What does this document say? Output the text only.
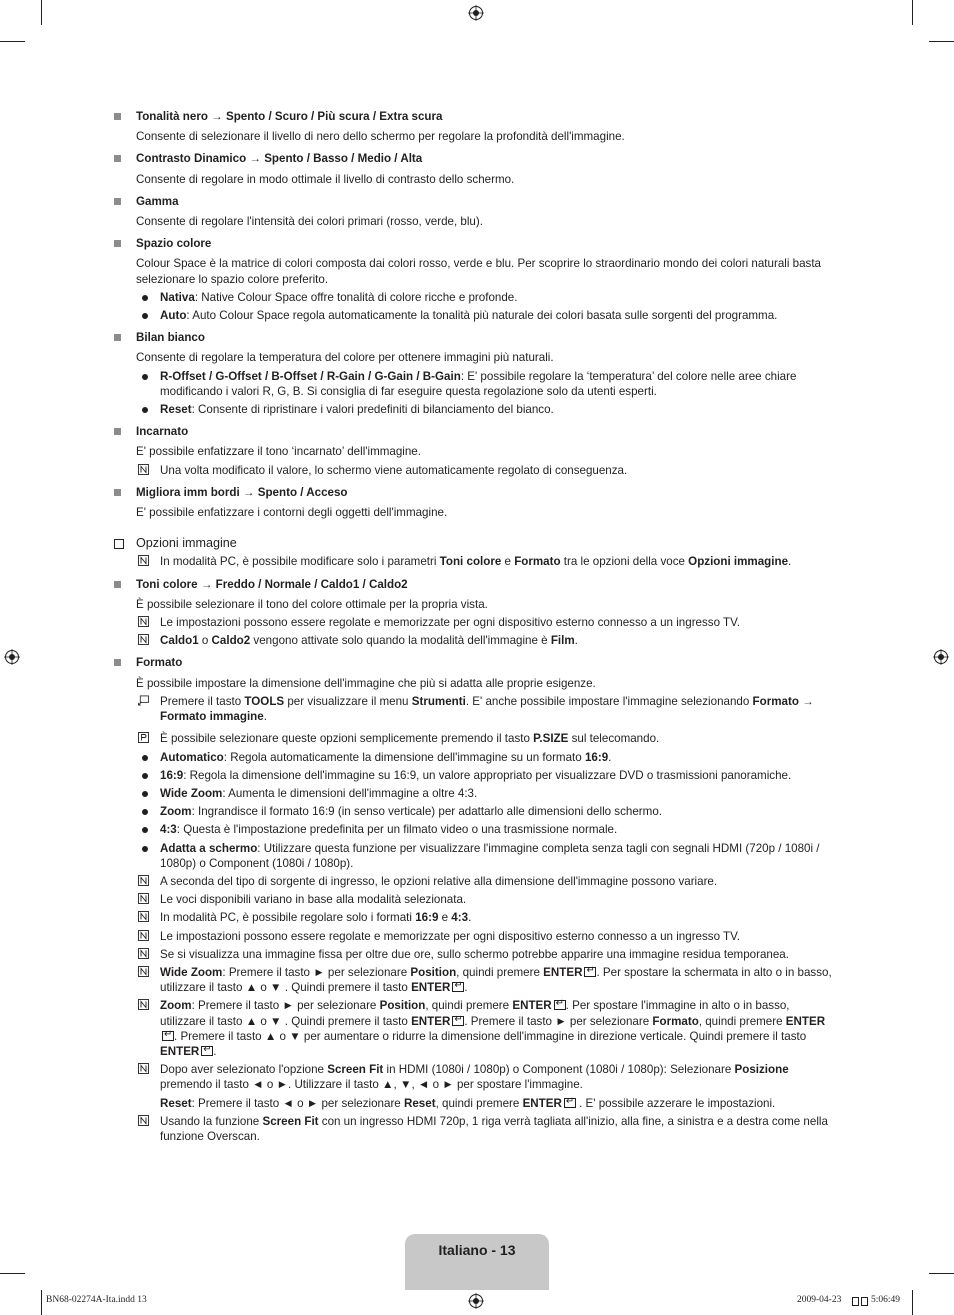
Tonalità nero → Spento / Scuro / Più scura / Extra scura
Consente di selezionare il livello di nero dello schermo per regolare la profondità dell'immagine.
Contrasto Dinamico → Spento / Basso / Medio / Alta
Consente di regolare in modo ottimale il livello di contrasto dello schermo.
Gamma
Consente di regolare l'intensità dei colori primari (rosso, verde, blu).
Spazio colore
Colour Space è la matrice di colori composta dai colori rosso, verde e blu. Per scoprire lo straordinario mondo dei colori naturali basta selezionare lo spazio colore preferito.
Nativa: Native Colour Space offre tonalità di colore ricche e profonde.
Auto: Auto Colour Space regola automaticamente la tonalità più naturale dei colori basata sulle sorgenti del programma.
Bilan bianco
Consente di regolare la temperatura del colore per ottenere immagini più naturali.
R-Offset / G-Offset / B-Offset / R-Gain / G-Gain / B-Gain: E' possibile regolare la ‘temperatura’ del colore nelle aree chiare modificando i valori R, G, B. Si consiglia di far eseguire questa regolazione solo da utenti esperti.
Reset: Consente di ripristinare i valori predefiniti di bilanciamento del bianco.
Incarnato
E' possibile enfatizzare il tono ‘incarnato’ dell'immagine.
Una volta modificato il valore, lo schermo viene automaticamente regolato di conseguenza.
Migliora imm bordi → Spento / Acceso
E' possibile enfatizzare i contorni degli oggetti dell'immagine.
Opzioni immagine
In modalità PC, è possibile modificare solo i parametri Toni colore e Formato tra le opzioni della voce Opzioni immagine.
Toni colore → Freddo / Normale / Caldo1 / Caldo2
È possibile selezionare il tono del colore ottimale per la propria vista.
Le impostazioni possono essere regolate e memorizzate per ogni dispositivo esterno connesso a un ingresso TV.
Caldo1 o Caldo2 vengono attivate solo quando la modalità dell'immagine è Film.
Formato
È possibile impostare la dimensione dell'immagine che più si adatta alle proprie esigenze.
Premere il tasto TOOLS per visualizzare il menu Strumenti. E' anche possibile impostare l'immagine selezionando Formato → Formato immagine.
È possibile selezionare queste opzioni semplicemente premendo il tasto P.SIZE sul telecomando.
Automatico: Regola automaticamente la dimensione dell'immagine su un formato 16:9.
16:9: Regola la dimensione dell'immagine su 16:9, un valore appropriato per visualizzare DVD o trasmissioni panoramiche.
Wide Zoom: Aumenta le dimensioni dell'immagine a oltre 4:3.
Zoom: Ingrandisce il formato 16:9 (in senso verticale) per adattarlo alle dimensioni dello schermo.
4:3: Questa è l'impostazione predefinita per un filmato video o una trasmissione normale.
Adatta a schermo: Utilizzare questa funzione per visualizzare l'immagine completa senza tagli con segnali HDMI (720p / 1080i / 1080p) o Component (1080i / 1080p).
A seconda del tipo di sorgente di ingresso, le opzioni relative alla dimensione dell'immagine possono variare.
Le voci disponibili variano in base alla modalità selezionata.
In modalità PC, è possibile regolare solo i formati 16:9 e 4:3.
Le impostazioni possono essere regolate e memorizzate per ogni dispositivo esterno connesso a un ingresso TV.
Se si visualizza una immagine fissa per oltre due ore, sullo schermo potrebbe apparire una immagine residua temporanea.
Wide Zoom: Premere il tasto ► per selezionare Position, quindi premere ENTER ↵ . Per spostare la schermata in alto o in basso, utilizzare il tasto ▲ o ▼ . Quindi premere il tasto ENTER ↵ .
Zoom: Premere il tasto ► per selezionare Position, quindi premere ENTER ↵ . Per spostare l'immagine in alto o in basso, utilizzare il tasto ▲ o ▼ . Quindi premere il tasto ENTER ↵ . Premere il tasto ► per selezionare Formato, quindi premere ENTER↵. Premere il tasto ▲ o ▼ per aumentare o ridurre la dimensione dell'immagine in direzione verticale. Quindi premere il tasto ENTER ↵ .
Dopo aver selezionato l'opzione Screen Fit in HDMI (1080i / 1080p) o Component (1080i / 1080p): Selezionare Posizione premendo il tasto ◄ o ►. Utilizzare il tasto ▲, ▼, ◄ o ► per spostare l'immagine.
Reset: Premere il tasto ◄ o ► per selezionare Reset, quindi premere ENTER↵ . E' possibile azzerare le impostazioni.
Usando la funzione Screen Fit con un ingresso HDMI 720p, 1 riga verrà tagliata all'inizio, alla fine, a sinistra e a destra come nella funzione Overscan.
Italiano - 13
BN68-02274A-Ita.indd 13	2009-04-23	5:06:49
